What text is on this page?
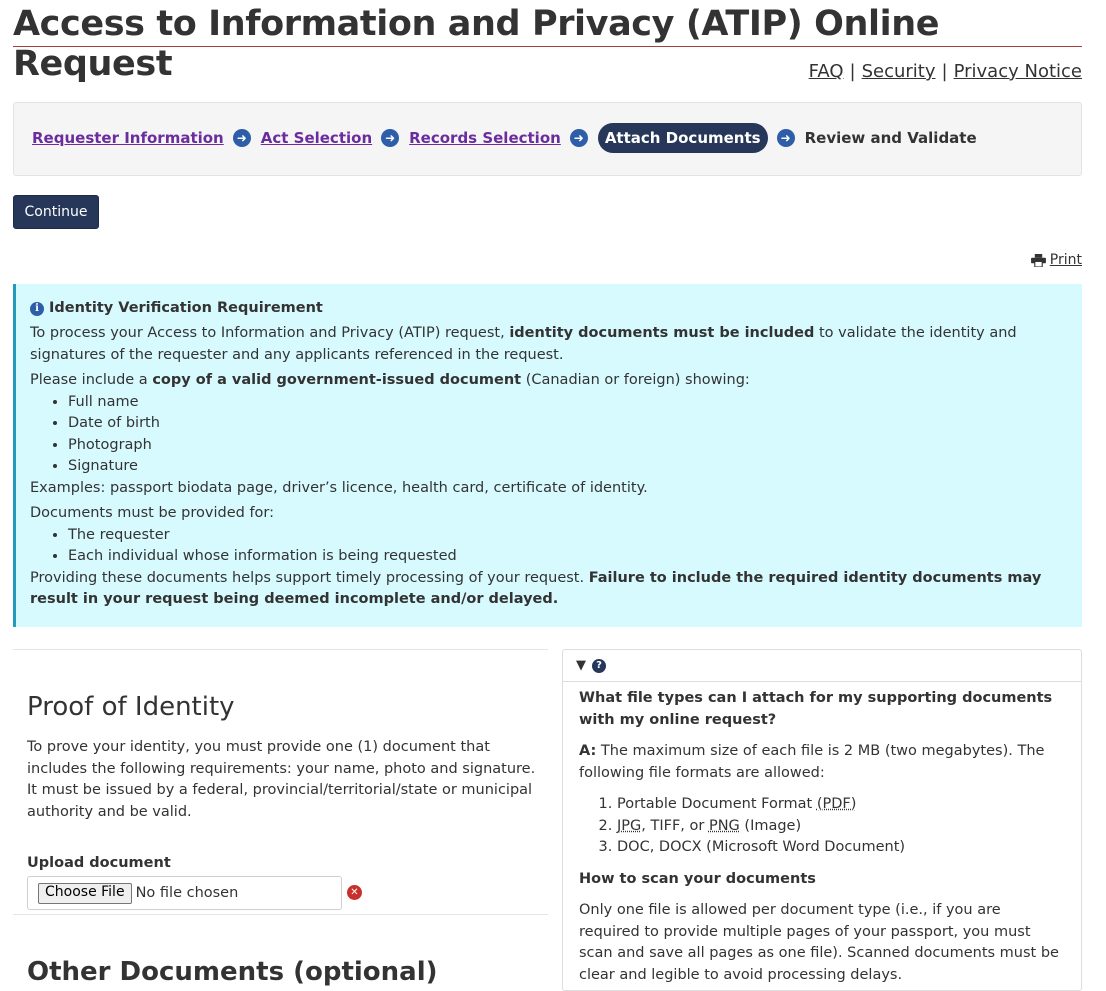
Access to Information and Privacy (ATIP) Online Request	FAQ | Security | Privacy Notice
Requester Information	➜ Act Selection	➜ Records Selection	➜	Attach Documents	➜ Review and Validate
Continue
Print
i Identity Verification Requirement

To process your Access to Information and Privacy (ATIP) request, identity documents must be included to validate the identity and signatures of the requester and any applicants referenced in the request.

Please include a copy of a valid government-issued document (Canadian or foreign) showing:
• Full name
• Date of birth
• Photograph
• Signature

Examples: passport biodata page, driver’s licence, health card, certificate of identity.

Documents must be provided for:
• The requester
• Each individual whose information is being requested
Providing these documents helps support timely processing of your request. Failure to include the required identity documents may result in your request being deemed incomplete and/or delayed.
Proof of Identity
To prove your identity, you must provide one (1) document that includes the following requirements: your name, photo and signature. It must be issued by a federal, provincial/territorial/state or municipal authority and be valid.
Upload document
Choose File No file chosen	✕
Other Documents (optional)
▼	?

What file types can I attach for my supporting documents with my online request?

A: The maximum size of each file is 2 MB (two megabytes). The following file formats are allowed:

1. Portable Document Format (PDF)
2. JPG, TIFF, or PNG (Image)
3. DOC, DOCX (Microsoft Word Document)
How to scan your documents

Only one file is allowed per document type (i.e., if you are required to provide multiple pages of your passport, you must scan and save all pages as one file). Scanned documents must be clear and legible to avoid processing delays.
